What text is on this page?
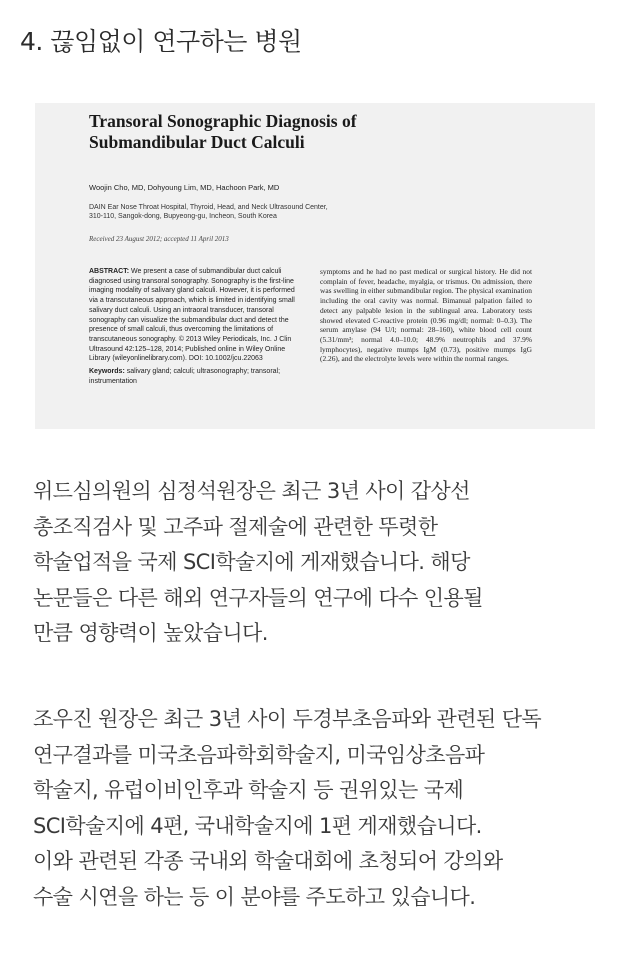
4. 끊임없이 연구하는 병원
Transoral Sonographic Diagnosis of
Submandibular Duct Calculi
Woojin Cho, MD, Dohyoung Lim, MD, Hachoon Park, MD
DAIN Ear Nose Throat Hospital, Thyroid, Head, and Neck Ultrasound Center,
310-110, Sangok-dong, Bupyeong-gu, Incheon, South Korea
Received 23 August 2012; accepted 11 April 2013
ABSTRACT: We present a case of submandibular duct calculi diagnosed using transoral sonography. Sonography is the first-line imaging modality of salivary gland calculi. However, it is performed via a transcutaneous approach, which is limited in identifying small salivary duct calculi. Using an intraoral transducer, transoral sonography can visualize the submandibular duct and detect the presence of small calculi, thus overcoming the limitations of transcutaneous sonography. © 2013 Wiley Periodicals, Inc. J Clin Ultrasound 42:125–128, 2014; Published online in Wiley Online Library (wileyonlinelibrary.com). DOI: 10.1002/jcu.22063
Keywords: salivary gland; calculi; ultrasonography; transoral; instrumentation
symptoms and he had no past medical or surgical history. He did not complain of fever, headache, myalgia, or trismus. On admission, there was swelling in either submandibular region. The physical examination including the oral cavity was normal. Bimanual palpation failed to detect any palpable lesion in the sublingual area. Laboratory tests showed elevated C-reactive protein (0.96 mg/dl; normal: 0–0.3). The serum amylase (94 U/l; normal: 28–160), white blood cell count (5.31/mm³; normal 4.0–10.0; 48.9% neutrophils and 37.9% lymphocytes), negative mumps IgM (0.73), positive mumps IgG (2.26), and the electrolyte levels were within the normal ranges.
위드심의원의 심정석원장은 최근 3년 사이 갑상선
총조직검사 및 고주파 절제술에 관련한 뚜렷한
학술업적을 국제 SCI학술지에 게재했습니다. 해당
논문들은 다른 해외 연구자들의 연구에 다수 인용될
만큼 영향력이 높았습니다.
조우진 원장은 최근 3년 사이 두경부초음파와 관련된 단독
연구결과를 미국초음파학회학술지, 미국임상초음파
학술지, 유럽이비인후과 학술지 등 권위있는 국제
SCI학술지에 4편, 국내학술지에 1편 게재했습니다.
이와 관련된 각종 국내외 학술대회에 초청되어 강의와
수술 시연을 하는 등 이 분야를 주도하고 있습니다.
